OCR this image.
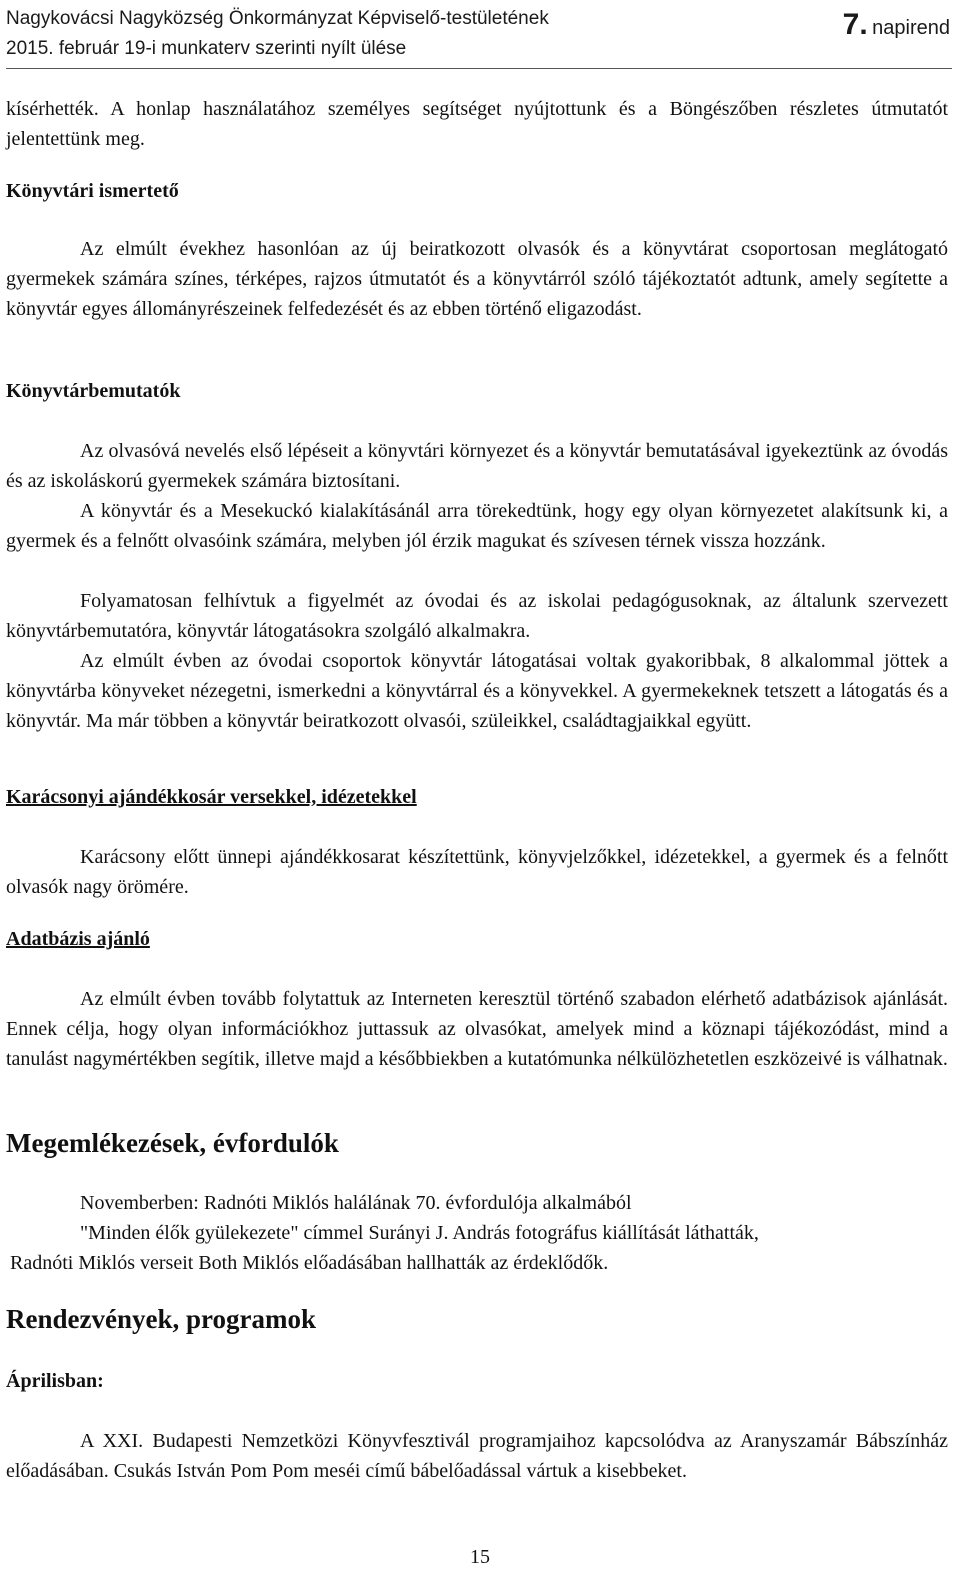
Nagykovácsi Nagyközség Önkormányzat Képviselő-testületének
2015. február 19-i munkaterv szerinti nyílt ülése
7. napirend
kísérhették. A honlap használatához személyes segítséget nyújtottunk és a Böngészőben részletes útmutatót jelentettünk meg.
Könyvtári ismertető
Az elmúlt évekhez hasonlóan az új beiratkozott olvasók és a könyvtárat csoportosan meglátogató gyermekek számára színes, térképes, rajzos útmutatót és a könyvtárról szóló tájékoztatót adtunk, amely segítette a könyvtár egyes állományrészeinek felfedezését és az ebben történő eligazodást.
Könyvtárbemutatók
Az olvasóvá nevelés első lépéseit a könyvtári környezet és a könyvtár bemutatásával igyekeztünk az óvodás és az iskoláskorú gyermekek számára biztosítani.
A könyvtár és a Mesekuckó kialakításánál arra törekedtünk, hogy egy olyan környezetet alakítsunk ki, a gyermek és a felnőtt olvasóink számára, melyben jól érzik magukat és szívesen térnek vissza hozzánk.
Folyamatosan felhívtuk a figyelmét az óvodai és az iskolai pedagógusoknak, az általunk szervezett könyvtárbemutatóra, könyvtár látogatásokra szolgáló alkalmakra.
Az elmúlt évben az óvodai csoportok könyvtár látogatásai voltak gyakoribbak, 8 alkalommal jöttek a könyvtárba könyveket nézegetni, ismerkedni a könyvtárral és a könyvekkel. A gyermekeknek tetszett a látogatás és a könyvtár. Ma már többen a könyvtár beiratkozott olvasói, szüleikkel, családtagjaikkal együtt.
Karácsonyi ajándékkosár versekkel, idézetekkel
Karácsony előtt ünnepi ajándékkosarat készítettünk, könyvjelzőkkel, idézetekkel, a gyermek és a felnőtt olvasók nagy örömére.
Adatbázis ajánló
Az elmúlt évben tovább folytattuk az Interneten keresztül történő szabadon elérhető adatbázisok ajánlását. Ennek célja, hogy olyan információkhoz juttassuk az olvasókat, amelyek mind a köznapi tájékozódást, mind a tanulást nagymértékben segítik, illetve majd a későbbiekben a kutatómunka nélkülözhetetlen eszközeivé is válhatnak.
Megemlékezések, évfordulók
Novemberben: Radnóti Miklós halálának 70. évfordulója alkalmából
"Minden élők gyülekezete" címmel Surányi J. András fotográfus kiállítását láthatták,
Radnóti Miklós verseit Both Miklós előadásában hallhatták az érdeklődők.
Rendezvények, programok
Áprilisban:
A XXI. Budapesti Nemzetközi Könyvfesztivál programjaihoz kapcsolódva az Aranyszamár Bábszínház előadásában. Csukás István Pom Pom meséi című bábelőadással vártuk a kisebbeket.
15
